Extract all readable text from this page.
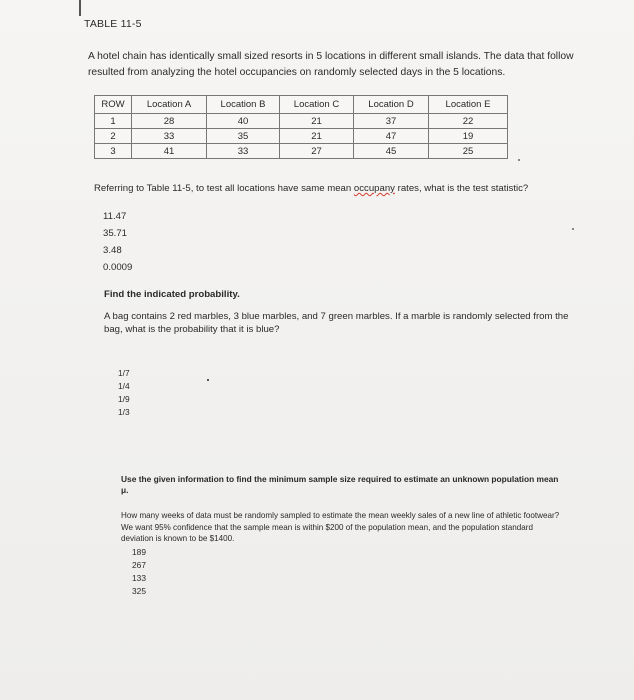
TABLE 11-5
A hotel chain has identically small sized resorts in 5 locations in different small islands. The data that follow resulted from analyzing the hotel occupancies on randomly selected days in the 5 locations.
ROW	Location A	Location B	Location C	Location D	Location E
1	28	40	21	37	22
2	33	35	21	47	19
3	41	33	27	45	25
Referring to Table 11-5, to test all locations have same mean occupany rates, what is the test statistic?
11.47
35.71
3.48
0.0009
Find the indicated probability.
A bag contains 2 red marbles, 3 blue marbles, and 7 green marbles. If a marble is randomly selected from the bag, what is the probability that it is blue?
1/7
1/4
1/9
1/3
Use the given information to find the minimum sample size required to estimate an unknown population mean μ.
How many weeks of data must be randomly sampled to estimate the mean weekly sales of a new line of athletic footwear? We want 95% confidence that the sample mean is within $200 of the population mean, and the population standard deviation is known to be $1400.
189
267
133
325
